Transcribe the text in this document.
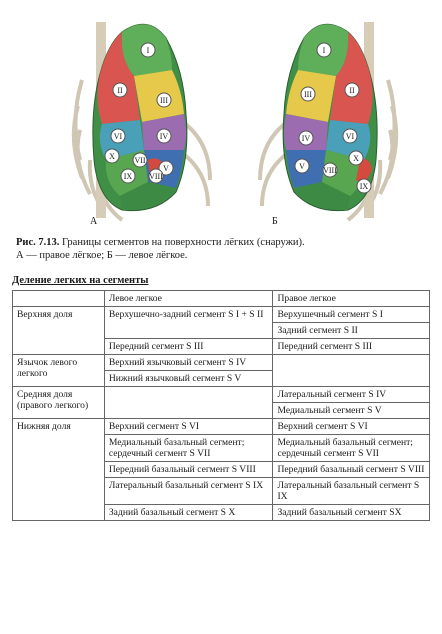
I
II
III
VI	IV
V
X VII
IX VIII
I
II
III
VI
IV
V VIII
X
IX
А	Б
Рис. 7.13. Границы сегментов на поверхности лёгких (снаружи).
А — правое лёгкое; Б — левое лёгкое.
Деление легких на сегменты
	Левое легкое	Правое легкое
Верхняя доля	Верхушечно-задний сегмент S I + S II	Верхушечный сегмент S I
		Задний сегмент S II
	Передний сегмент S III	Передний сегмент S III
Язычок левого легкого	Верхний язычковый сегмент S IV	
	Нижний язычковый сегмент S V	
Средняя доля (правого легкого)		Латеральный сегмент S IV
		Медиальный сегмент S V
Нижняя доля	Верхний сегмент S VI	Верхний сегмент S VI
	Медиальный базальный сегмент; сердечный сегмент S VII	Медиальный базальный сегмент; сердечный сегмент S VII
	Передний базальный сегмент S VIII	Передний базальный сегмент S VIII
	Латеральный базальный сегмент S IX	Латеральный базальный сегмент S IX
	Задний базальный сегмент S X	Задний базальный сегмент SX
